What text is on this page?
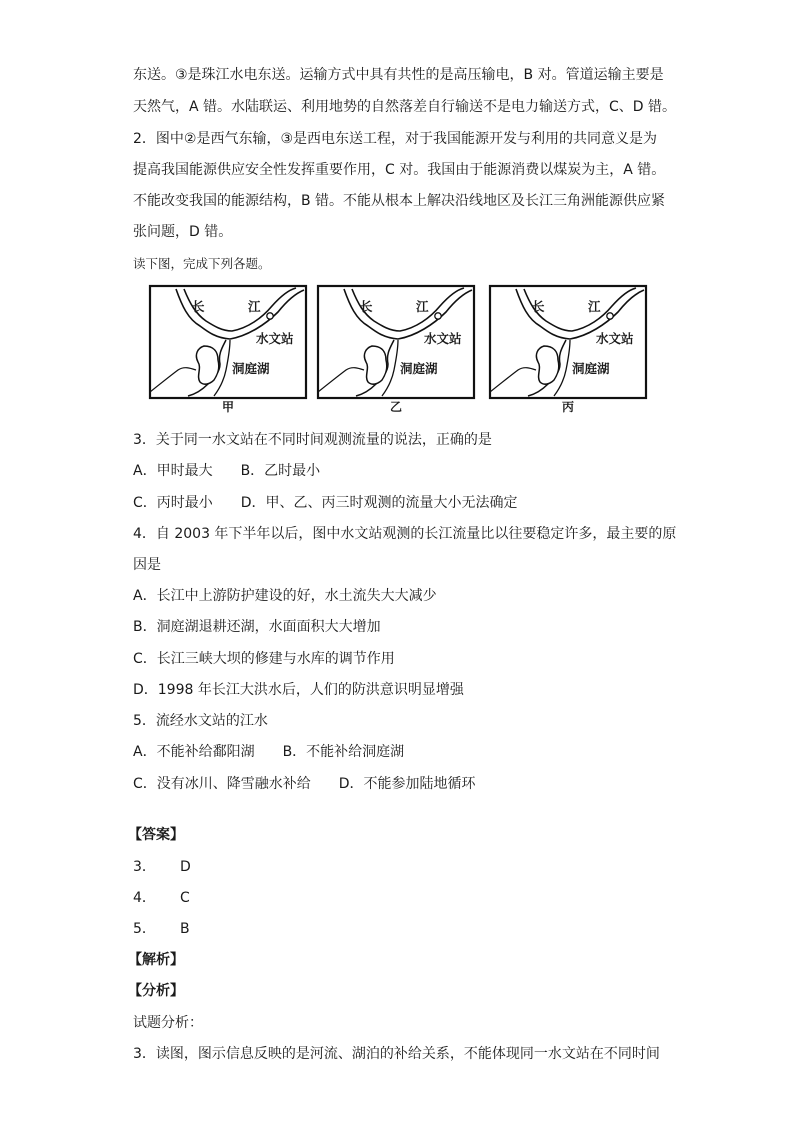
东送。③是珠江水电东送。运输方式中具有共性的是高压输电，B 对。管道运输主要是
天然气，A 错。水陆联运、利用地势的自然落差自行输送不是电力输送方式，C、D 错。
2．图中②是西气东输，③是西电东送工程，对于我国能源开发与利用的共同意义是为
提高我国能源供应安全性发挥重要作用，C 对。我国由于能源消费以煤炭为主，A 错。
不能改变我国的能源结构，B 错。不能从根本上解决沿线地区及长江三角洲能源供应紧
张问题，D 错。
读下图，完成下列各题。
长	江
水文站
洞庭湖
甲
长	江
水文站
洞庭湖
乙
长	江
水文站
洞庭湖
丙
3．关于同一水文站在不同时间观测流量的说法，正确的是
A．甲时最大　　B．乙时最小
C．丙时最小　　D．甲、乙、丙三时观测的流量大小无法确定
4．自 2003 年下半年以后，图中水文站观测的长江流量比以往要稳定许多，最主要的原
因是
A．长江中上游防护建设的好，水土流失大大减少
B．洞庭湖退耕还湖，水面面积大大增加
C．长江三峡大坝的修建与水库的调节作用
D．1998 年长江大洪水后，人们的防洪意识明显增强
5．流经水文站的江水
A．不能补给鄱阳湖　　B．不能补给洞庭湖
C．没有冰川、降雪融水补给　　D．不能参加陆地循环
【答案】
3． D
4． C
5． B
【解析】
【分析】
试题分析：
3．读图，图示信息反映的是河流、湖泊的补给关系，不能体现同一水文站在不同时间
